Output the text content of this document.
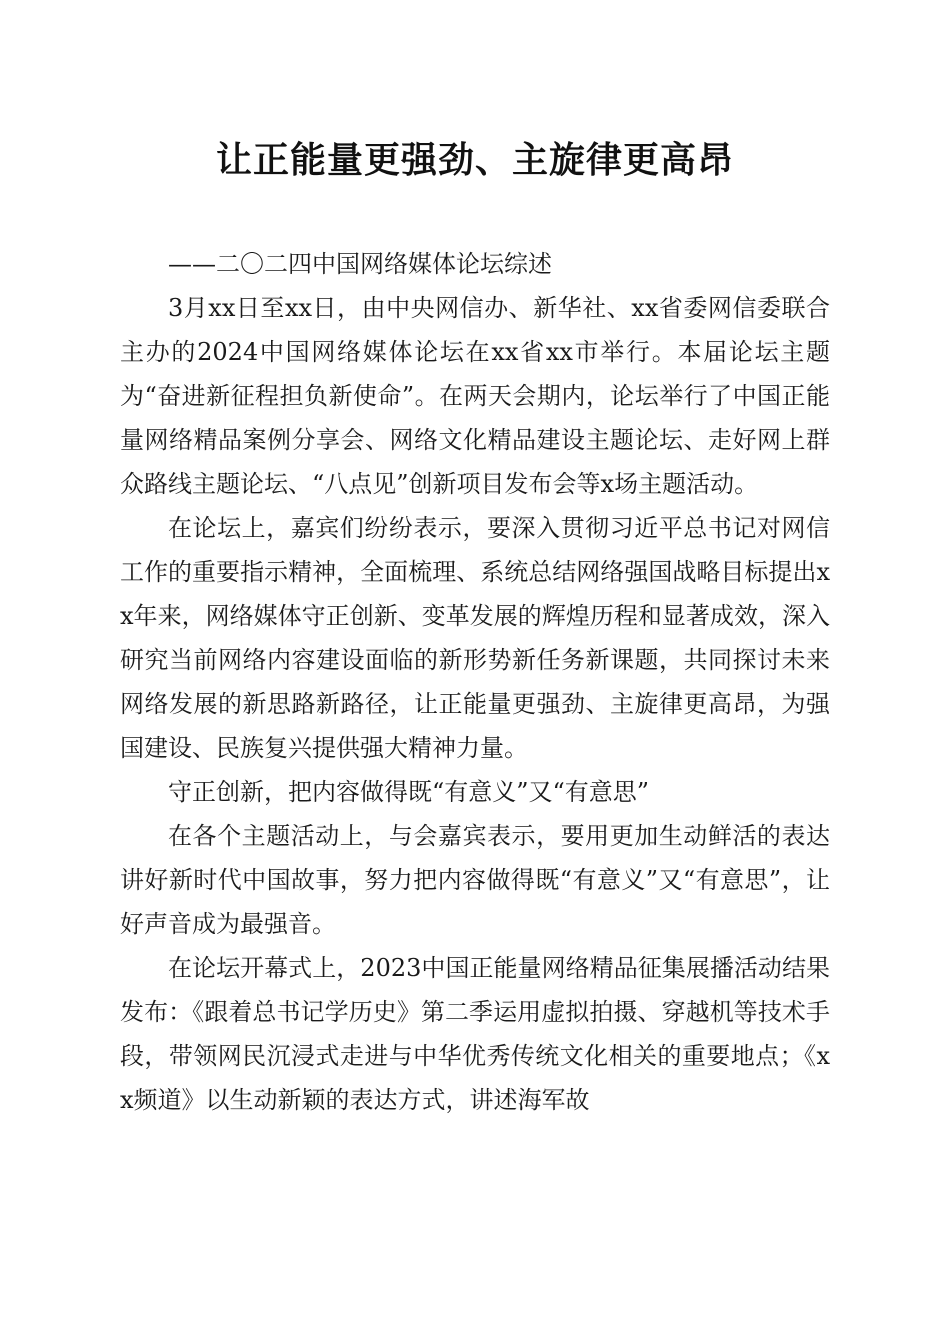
让正能量更强劲、主旋律更高昂

——二〇二四中国网络媒体论坛综述

3月xx日至xx日，由中央网信办、新华社、xx省委网信委联合主办的2024中国网络媒体论坛在xx省xx市举行。本届论坛主题为“奋进新征程担负新使命”。在两天会期内，论坛举行了中国正能量网络精品案例分享会、网络文化精品建设主题论坛、走好网上群众路线主题论坛、“八点见”创新项目发布会等x场主题活动。

在论坛上，嘉宾们纷纷表示，要深入贯彻习近平总书记对网信工作的重要指示精神，全面梳理、系统总结网络强国战略目标提出xx年来，网络媒体守正创新、变革发展的辉煌历程和显著成效，深入研究当前网络内容建设面临的新形势新任务新课题，共同探讨未来网络发展的新思路新路径，让正能量更强劲、主旋律更高昂，为强国建设、民族复兴提供强大精神力量。

守正创新，把内容做得既“有意义”又“有意思”

在各个主题活动上，与会嘉宾表示，要用更加生动鲜活的表达讲好新时代中国故事，努力把内容做得既“有意义”又“有意思”，让好声音成为最强音。

在论坛开幕式上，2023中国正能量网络精品征集展播活动结果发布：《跟着总书记学历史》第二季运用虚拟拍摄、穿越机等技术手段，带领网民沉浸式走进与中华优秀传统文化相关的重要地点；《xx频道》以生动新颖的表达方式，讲述海军故
